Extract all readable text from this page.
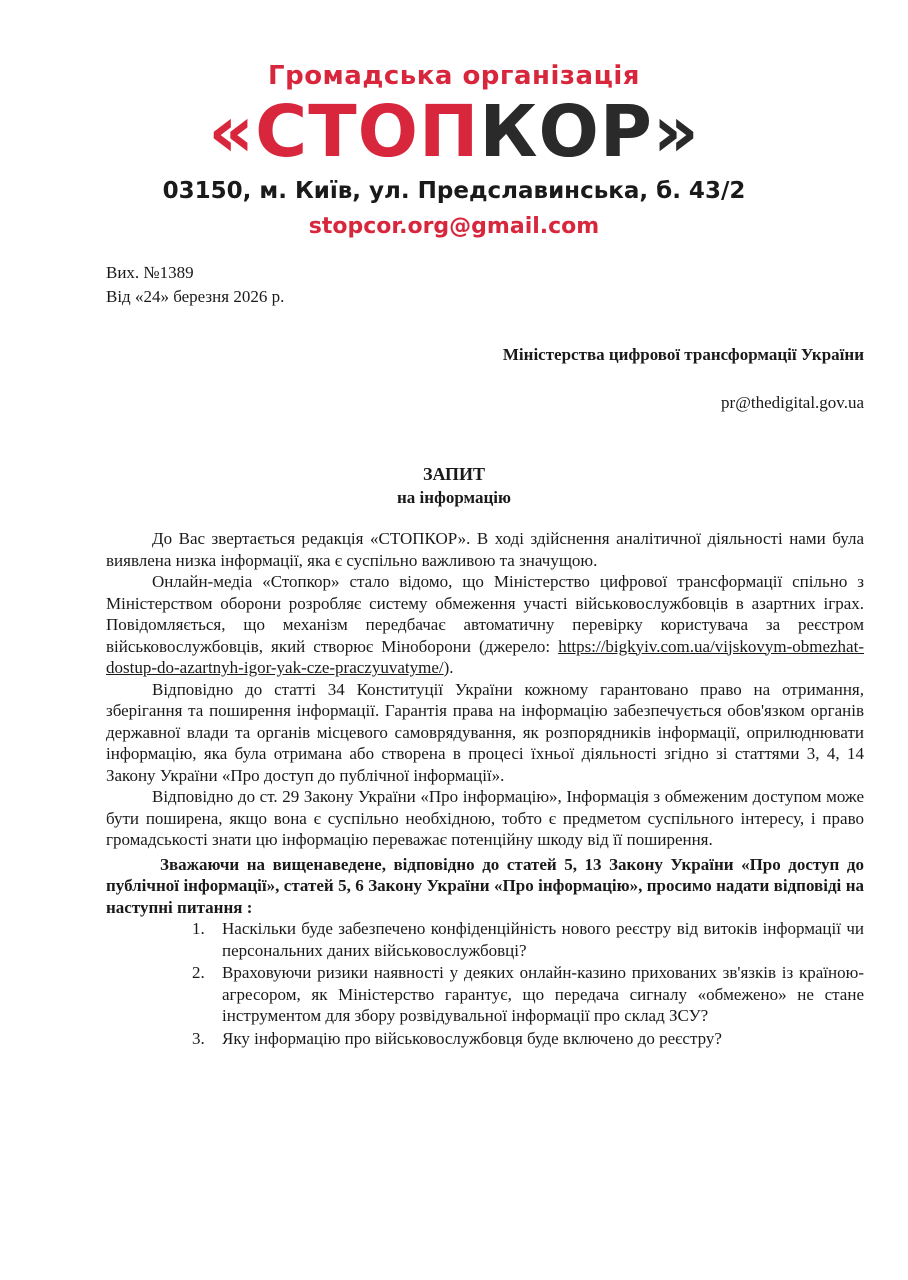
Громадська організація
«СТОПКОР»
03150, м. Київ, ул. Предславинська, б. 43/2
stopcor.org@gmail.com
Вих. №1389
Від «24» березня 2026 р.
Міністерства цифрової трансформації України
pr@thedigital.gov.ua
ЗАПИТ
на інформацію

До Вас звертається редакція «СТОПКОР». В ході здійснення аналітичної діяльності нами була виявлена низка інформації, яка є суспільно важливою та значущою.

Онлайн-медіа «Стопкор» стало відомо, що Міністерство цифрової трансформації спільно з Міністерством оборони розробляє систему обмеження участі військовослужбовців в азартних іграх. Повідомляється, що механізм передбачає автоматичну перевірку користувача за реєстром військовослужбовців, який створює Міноборони (джерело: https://bigkyiv.com.ua/vijskovym-obmezhat-dostup-do-azartnyh-igor-yak-cze-praczyuvatyme/).

Відповідно до статті 34 Конституції України кожному гарантовано право на отримання, зберігання та поширення інформації. Гарантія права на інформацію забезпечується обов'язком органів державної влади та органів місцевого самоврядування, як розпорядників інформації, оприлюднювати інформацію, яка була отримана або створена в процесі їхньої діяльності згідно зі статтями 3, 4, 14 Закону України «Про доступ до публічної інформації».

Відповідно до ст. 29 Закону України «Про інформацію», Інформація з обмеженим доступом може бути поширена, якщо вона є суспільно необхідною, тобто є предметом суспільного інтересу, і право громадськості знати цю інформацію переважає потенційну шкоду від її поширення.

Зважаючи на вищенаведене, відповідно до статей 5, 13 Закону України «Про доступ до публічної інформації», статей 5, 6 Закону України «Про інформацію», просимо надати відповіді на наступні питання :

1. Наскільки буде забезпечено конфіденційність нового реєстру від витоків інформації чи персональних даних військовослужбовці?
2. Враховуючи ризики наявності у деяких онлайн-казино прихованих зв'язків із країною-агресором, як Міністерство гарантує, що передача сигналу «обмежено» не стане інструментом для збору розвідувальної інформації про склад ЗСУ?
3. Яку інформацію про військовослужбовця буде включено до реєстру?
